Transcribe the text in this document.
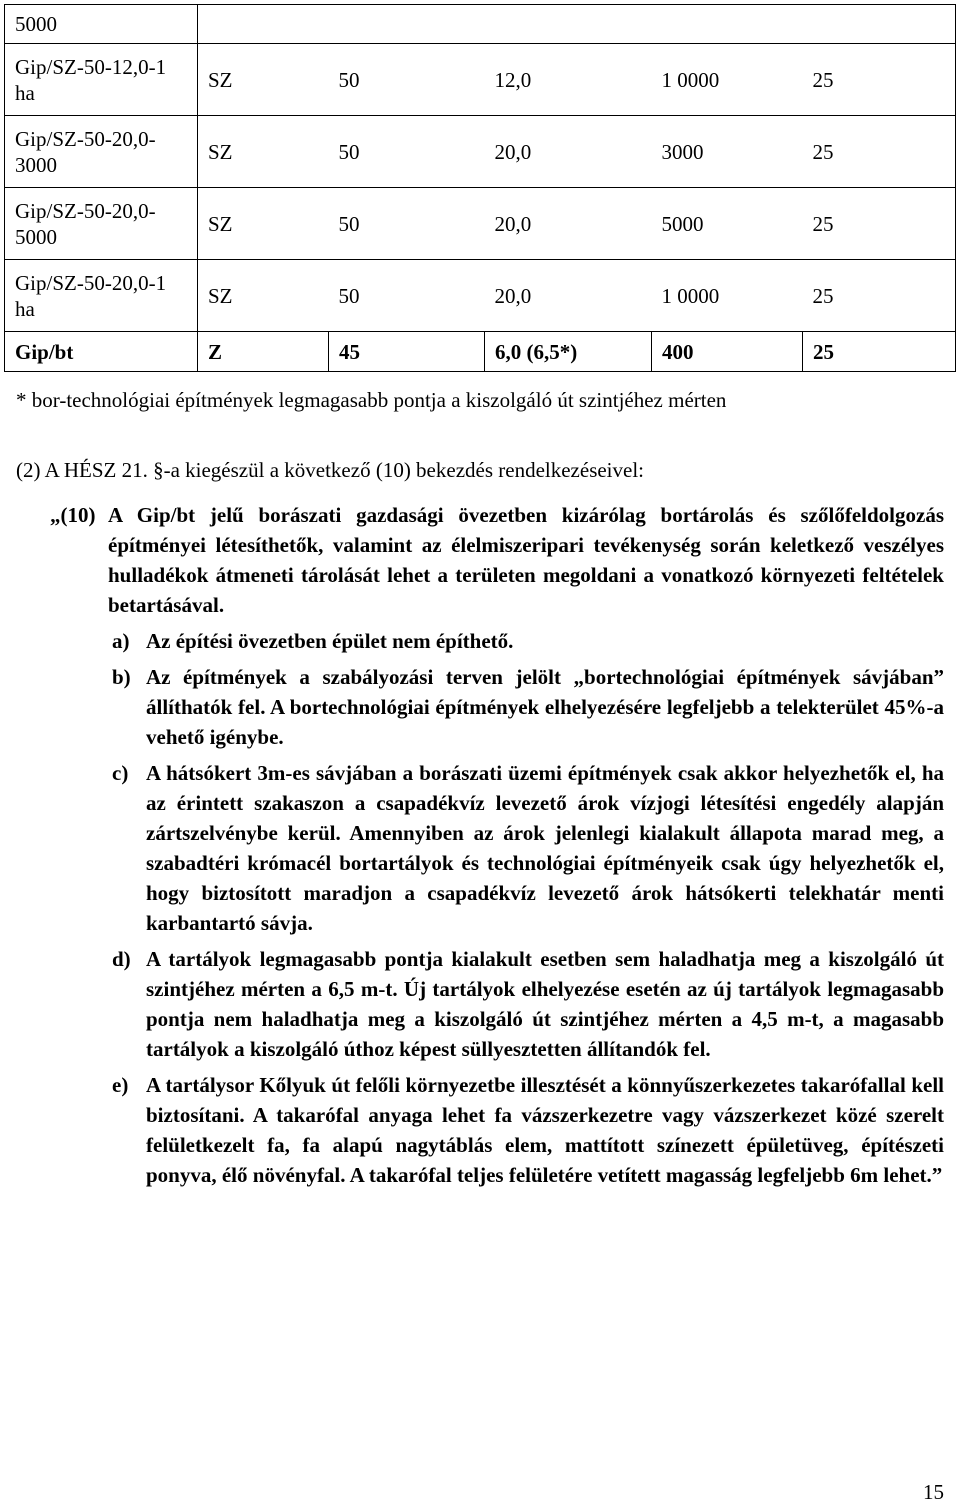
5000					
Gip/SZ-50-12,0-1 ha	SZ	50	12,0	1 0000	25
Gip/SZ-50-20,0-3000	SZ	50	20,0	3000	25
Gip/SZ-50-20,0-5000	SZ	50	20,0	5000	25
Gip/SZ-50-20,0-1 ha	SZ	50	20,0	1 0000	25
Gip/bt	Z	45	6,0 (6,5*)	400	25
* bor-technológiai építmények legmagasabb pontja a kiszolgáló út szintjéhez mérten
(2) A HÉSZ 21. §-a kiegészül a következő (10) bekezdés rendelkezéseivel:
„(10) A Gip/bt jelű borászati gazdasági övezetben kizárólag bortárolás és szőlőfeldolgozás építményei létesíthetők, valamint az élelmiszeripari tevékenység során keletkező veszélyes hulladékok átmeneti tárolását lehet a területen megoldani a vonatkozó környezeti feltételek betartásával.
a) Az építési övezetben épület nem építhető.
b) Az építmények a szabályozási terven jelölt „bortechnológiai építmények sávjában” állíthatók fel. A bortechnológiai építmények elhelyezésére legfeljebb a telekterület 45%-a vehető igénybe.
c) A hátsókert 3m-es sávjában a borászati üzemi építmények csak akkor helyezhetők el, ha az érintett szakaszon a csapadékvíz levezető árok vízjogi létesítési engedély alapján zártszelvénybe kerül. Amennyiben az árok jelenlegi kialakult állapota marad meg, a szabadtéri krómacél bortartályok és technológiai építményeik csak úgy helyezhetők el, hogy biztosított maradjon a csapadékvíz levezető árok hátsókerti telekhatár menti karbantartó sávja.
d) A tartályok legmagasabb pontja kialakult esetben sem haladhatja meg a kiszolgáló út szintjéhez mérten a 6,5 m-t. Új tartályok elhelyezése esetén az új tartályok legmagasabb pontja nem haladhatja meg a kiszolgáló út szintjéhez mérten a 4,5 m-t, a magasabb tartályok a kiszolgáló úthoz képest süllyesztetten állítandók fel.
e) A tartálysor Kőlyuk út felőli környezetbe illesztését a könnyűszerkezetes takarófallal kell biztosítani. A takarófal anyaga lehet fa vázszerkezetre vagy vázszerkezet közé szerelt felületkezelt fa, fa alapú nagytáblás elem, mattított színezett épületüveg, építészeti ponyva, élő növényfal. A takarófal teljes felületére vetített magasság legfeljebb 6m lehet.”
15
